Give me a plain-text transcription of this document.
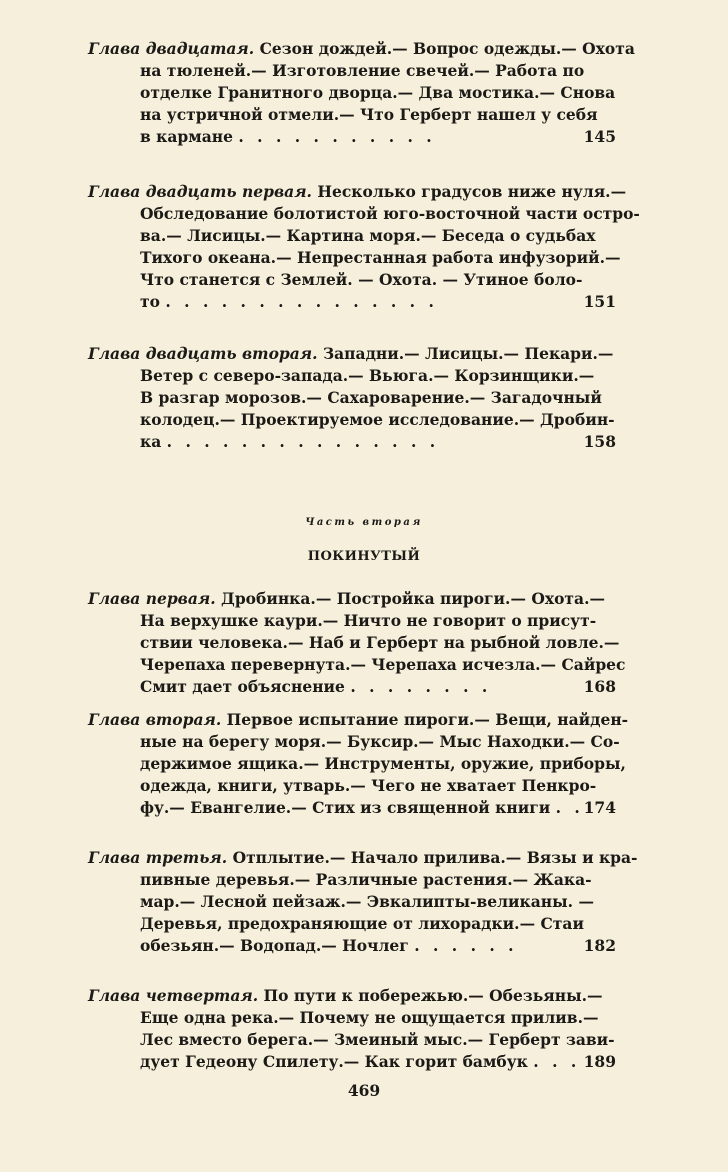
Глава двадцатая. Сезон дождей.— Вопрос одежды.— Охота
на тюленей.— Изготовление свечей.— Работа по
отделке Гранитного дворца.— Два мостика.— Снова
на устричной отмели.— Что Герберт нашел у себя
в кармане . . . . . . . . . . .	145
Глава двадцать первая. Несколько градусов ниже нуля.—
Обследование болотистой юго-восточной части остро-
ва.— Лисицы.— Картина моря.— Беседа о судьбах
Тихого океана.— Непрестанная работа инфузорий.—
Что станется с Землей. — Охота. — Утиное боло-
то . . . . . . . . . . . . . . .	151
Глава двадцать вторая. Западни.— Лисицы.— Пекари.—
Ветер с северо-запада.— Вьюга.— Корзинщики.—
В разгар морозов.— Сахароварение.— Загадочный
колодец.— Проектируемое исследование.— Дробин-
ка . . . . . . . . . . . . . . .	158
Часть вторая
ПОКИНУТЫЙ
Глава первая. Дробинка.— Постройка пироги.— Охота.—
На верхушке каури.— Ничто не говорит о присут-
ствии человека.— Наб и Герберт на рыбной ловле.—
Черепаха перевернута.— Черепаха исчезла.— Сайрес
Смит дает объяснение . . . . . . . .	168
Глава вторая. Первое испытание пироги.— Вещи, найден-
ные на берегу моря.— Буксир.— Мыс Находки.— Со-
держимое ящика.— Инструменты, оружие, приборы,
одежда, книги, утварь.— Чего не хватает Пенкро-
фу.— Евангелие.— Стих из священной книги . . 174
Глава третья. Отплытие.— Начало прилива.— Вязы и кра-
пивные деревья.— Различные растения.— Жака-
мар.— Лесной пейзаж.— Эвкалипты-великаны. —
Деревья, предохраняющие от лихорадки.— Стаи
обезьян.— Водопад.— Ночлег . . . . . .	182
Глава четвертая. По пути к побережью.— Обезьяны.—
Еще одна река.— Почему не ощущается прилив.—
Лес вместо берега.— Змеиный мыс.— Герберт зави-
дует Гедеону Спилету.— Как горит бамбук . . . 189
469
